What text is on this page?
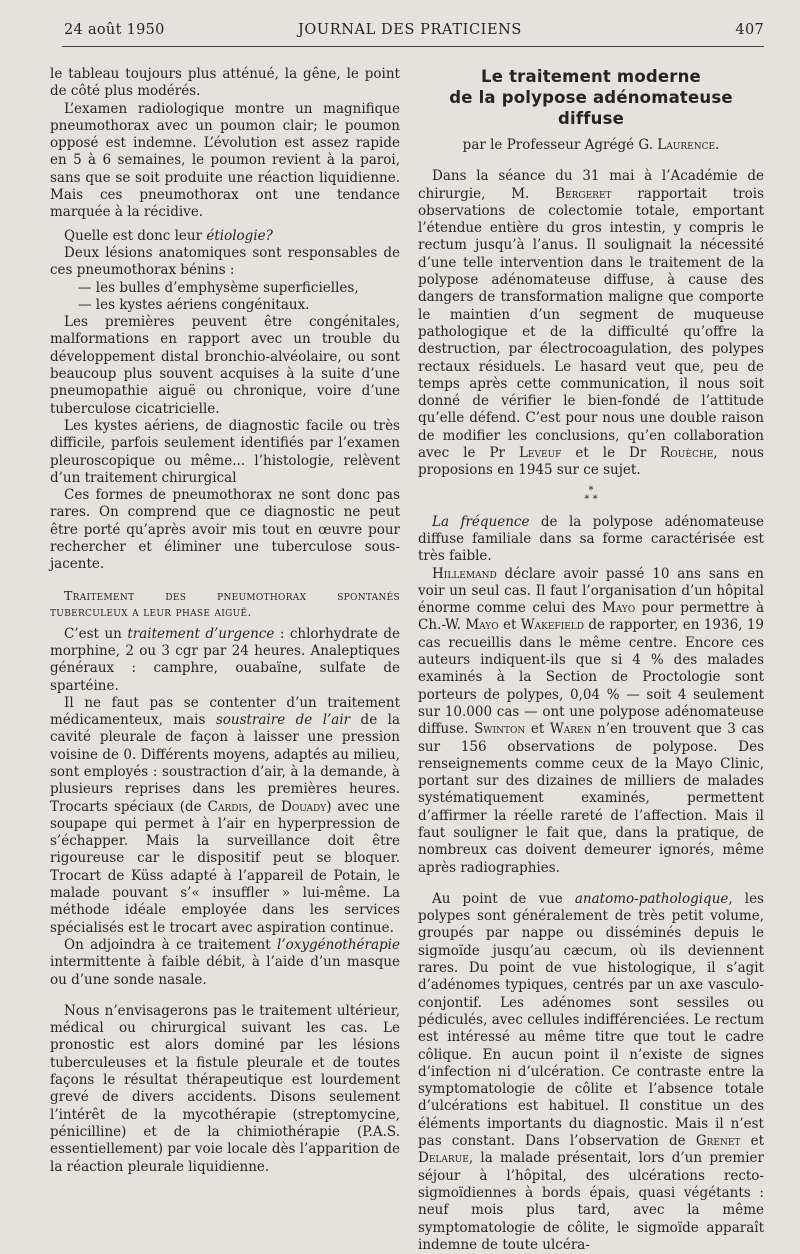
24 août 1950	JOURNAL DES PRATICIENS	407

le tableau toujours plus atténué, la gêne, le point de côté plus modérés.

L’examen radiologique montre un magnifique pneumothorax avec un poumon clair; le poumon opposé est indemne. L’évolution est assez rapide en 5 à 6 semaines, le poumon revient à la paroi, sans que se soit produite une réaction liquidienne. Mais ces pneumothorax ont une tendance marquée à la récidive.

Quelle est donc leur étiologie?

Deux lésions anatomiques sont responsables de ces pneumothorax bénins :

— les bulles d’emphysème superficielles,

— les kystes aériens congénitaux.

Les premières peuvent être congénitales, malformations en rapport avec un trouble du développement distal bronchio-alvéolaire, ou sont beaucoup plus souvent acquises à la suite d’une pneumopathie aiguë ou chronique, voire d’une tuberculose cicatricielle.

Les kystes aériens, de diagnostic facile ou très difficile, parfois seulement identifiés par l’examen pleuroscopique ou même... l’histologie, relèvent d’un traitement chirurgical

Ces formes de pneumothorax ne sont donc pas rares. On comprend que ce diagnostic ne peut être porté qu’après avoir mis tout en œuvre pour rechercher et éliminer une tuberculose sous-jacente.

Traitement des pneumothorax spontanés tuberculeux a leur phase aiguë.

C’est un traitement d’urgence : chlorhydrate de morphine, 2 ou 3 cgr par 24 heures. Analeptiques généraux : camphre, ouabaïne, sulfate de spartéine.

Il ne faut pas se contenter d’un traitement médicamenteux, mais soustraire de l’air de la cavité pleurale de façon à laisser une pression voisine de 0. Différents moyens, adaptés au milieu, sont employés : soustraction d’air, à la demande, à plusieurs reprises dans les premières heures. Trocarts spéciaux (de Cardis, de Douady) avec une soupape qui permet à l’air en hyperpression de s’échapper. Mais la surveillance doit être rigoureuse car le dispositif peut se bloquer. Trocart de Küss adapté à l’appareil de Potain, le malade pouvant s’« insuffler » lui-même. La méthode idéale employée dans les services spécialisés est le trocart avec aspiration continue.

On adjoindra à ce traitement l’oxygénothérapie intermittente à faible débit, à l’aide d’un masque ou d’une sonde nasale.

Nous n’envisagerons pas le traitement ultérieur, médical ou chirurgical suivant les cas. Le pronostic est alors dominé par les lésions tuberculeuses et la fistule pleurale et de toutes façons le résultat thérapeutique est lourdement grevé de divers accidents. Disons seulement l’intérêt de la mycothérapie (streptomycine, pénicilline) et de la chimiothérapie (P.A.S. essentiellement) par voie locale dès l’apparition de la réaction pleurale liquidienne.

Le traitement moderne
de la polypose adénomateuse diffuse
par le Professeur Agrégé G. Laurence.

Dans la séance du 31 mai à l’Académie de chirurgie, M. Bergeret rapportait trois observations de colectomie totale, emportant l’étendue entière du gros intestin, y compris le rectum jusqu’à l’anus. Il soulignait la nécessité d’une telle intervention dans le traitement de la polypose adénomateuse diffuse, à cause des dangers de transformation maligne que comporte le maintien d’un segment de muqueuse pathologique et de la difficulté qu’offre la destruction, par électrocoagulation, des polypes rectaux résiduels. Le hasard veut que, peu de temps après cette communication, il nous soit donné de vérifier le bien-fondé de l’attitude qu’elle défend. C’est pour nous une double raison de modifier les conclusions, qu’en collaboration avec le Pr Leveuf et le Dr Rouèche, nous proposions en 1945 sur ce sujet.

*
* *

La fréquence de la polypose adénomateuse diffuse familiale dans sa forme caractérisée est très faible.

Hillemand déclare avoir passé 10 ans sans en voir un seul cas. Il faut l’organisation d’un hôpital énorme comme celui des Mayo pour permettre à Ch.-W. Mayo et Wakefield de rapporter, en 1936, 19 cas recueillis dans le même centre. Encore ces auteurs indiquent-ils que si 4 % des malades examinés à la Section de Proctologie sont porteurs de polypes, 0,04 % — soit 4 seulement sur 10.000 cas — ont une polypose adénomateuse diffuse. Swinton et Waren n’en trouvent que 3 cas sur 156 observations de polypose. Des renseignements comme ceux de la Mayo Clinic, portant sur des dizaines de milliers de malades systématiquement examinés, permettent d’affirmer la réelle rareté de l’affection. Mais il faut souligner le fait que, dans la pratique, de nombreux cas doivent demeurer ignorés, même après radiographies.

Au point de vue anatomo-pathologique, les polypes sont généralement de très petit volume, groupés par nappe ou disséminés depuis le sigmoïde jusqu’au cæcum, où ils deviennent rares. Du point de vue histologique, il s’agit d’adénomes typiques, centrés par un axe vasculo-conjontif. Les adénomes sont sessiles ou pédiculés, avec cellules indifférenciées. Le rectum est intéressé au même titre que tout le cadre côlique. En aucun point il n’existe de signes d’infection ni d’ulcération. Ce contraste entre la symptomatologie de côlite et l’absence totale d’ulcérations est habituel. Il constitue un des éléments importants du diagnostic. Mais il n’est pas constant. Dans l’observation de Grenet et Delarue, la malade présentait, lors d’un premier séjour à l’hôpital, des ulcérations recto-sigmoïdiennes à bords épais, quasi végétants : neuf mois plus tard, avec la même symptomatologie de côlite, le sigmoïde apparaît indemne de toute ulcéra-
